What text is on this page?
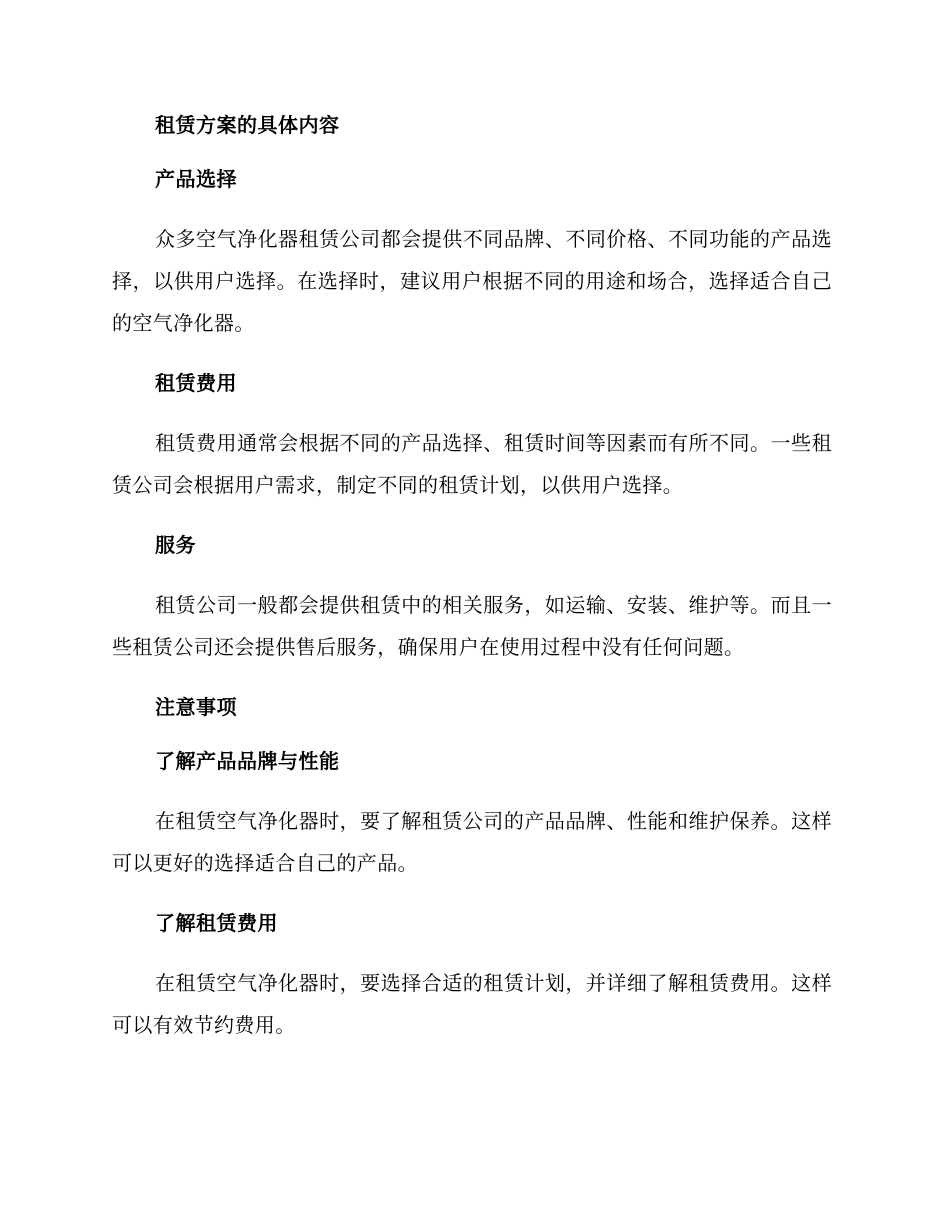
租赁方案的具体内容
产品选择

众多空气净化器租赁公司都会提供不同品牌、不同价格、不同功能的产品选择，以供用户选择。在选择时，建议用户根据不同的用途和场合，选择适合自己的空气净化器。

租赁费用

租赁费用通常会根据不同的产品选择、租赁时间等因素而有所不同。一些租赁公司会根据用户需求，制定不同的租赁计划，以供用户选择。

服务

租赁公司一般都会提供租赁中的相关服务，如运输、安装、维护等。而且一些租赁公司还会提供售后服务，确保用户在使用过程中没有任何问题。

注意事项
了解产品品牌与性能

在租赁空气净化器时，要了解租赁公司的产品品牌、性能和维护保养。这样可以更好的选择适合自己的产品。

了解租赁费用

在租赁空气净化器时，要选择合适的租赁计划，并详细了解租赁费用。这样可以有效节约费用。
